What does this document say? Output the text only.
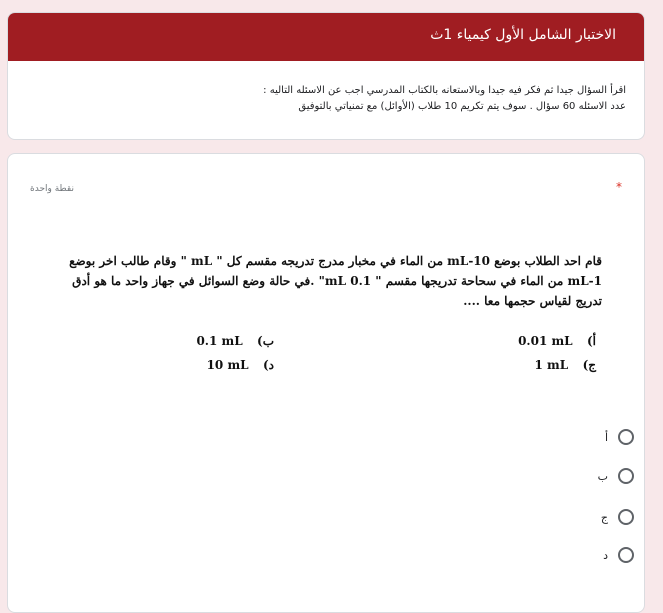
الاختبار الشامل الأول كيمياء 1ث
اقرأ السؤال جيدا ثم فكر فيه جيدا وبالاستعانه بالكتاب المدرسي اجب عن الاسئله التاليه :
عدد الاسئله 60 سؤال . سوف يتم تكريم 10 طلاب (الأوائل) مع تمنياتي بالتوفيق
*
نقطة واحدة
قام احد الطلاب بوضع 10-mL من الماء في مخبار مدرج تدريجه مقسم كل " mL " وقام طالب اخر بوضع 1-mL من الماء في سحاحة تدريجها مقسم " 0.1 mL" .في حالة وضع السوائل في جهاز واحد ما هو أدق تدريج لقياس حجمها معا ....
أ)  0.01 mL
ب)  0.1 mL
ج)  1 mL
د)  10 mL
أ
ب
ج
د
